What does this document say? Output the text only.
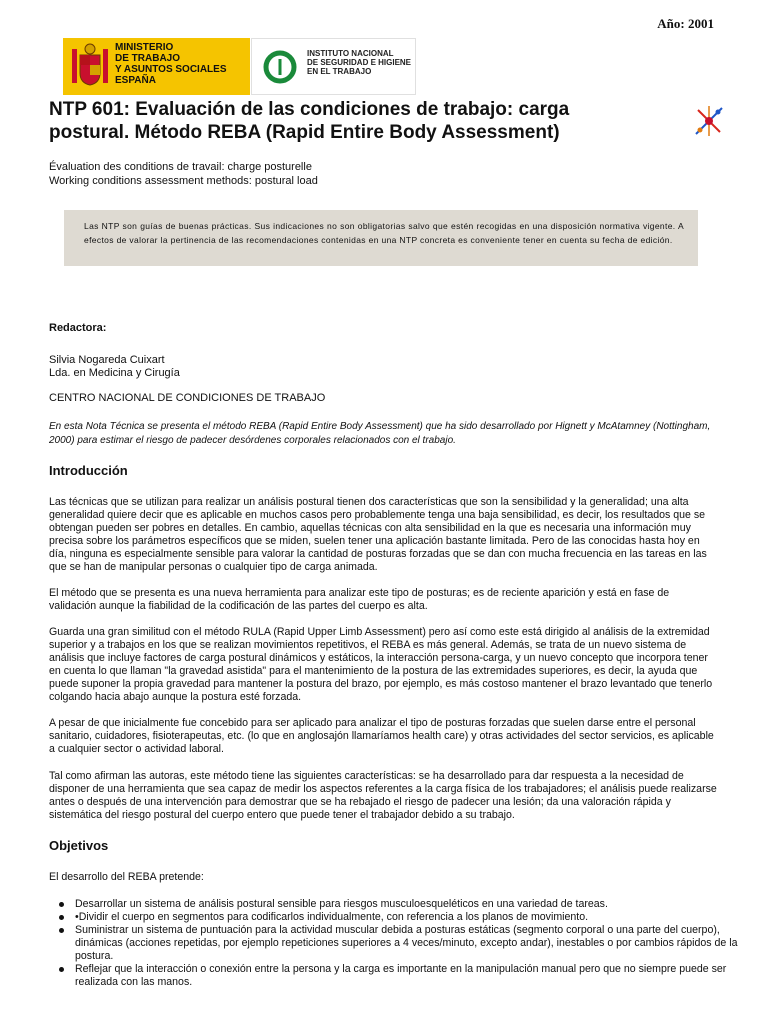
Año: 2001
MINISTERIO
DE TRABAJO
Y ASUNTOS SOCIALES
ESPAÑA
INSTITUTO NACIONAL
DE SEGURIDAD E HIGIENE
EN EL TRABAJO
NTP 601: Evaluación de las condiciones de trabajo: carga postural. Método REBA (Rapid Entire Body Assessment)
Évaluation des conditions de travail: charge posturelle
Working conditions assessment methods: postural load
Las NTP son guías de buenas prácticas. Sus indicaciones no son obligatorias salvo que estén recogidas en una disposición normativa vigente. A efectos de valorar la pertinencia de las recomendaciones contenidas en una NTP concreta es conveniente tener en cuenta su fecha de edición.
Redactora:
Silvia Nogareda Cuixart
Lda. en Medicina y Cirugía
CENTRO NACIONAL DE CONDICIONES DE TRABAJO
En esta Nota Técnica se presenta el método REBA (Rapid Entire Body Assessment) que ha sido desarrollado por Hignett y McAtamney (Nottingham, 2000) para estimar el riesgo de padecer desórdenes corporales relacionados con el trabajo.
Introducción

Las técnicas que se utilizan para realizar un análisis postural tienen dos características que son la sensibilidad y la generalidad; una alta generalidad quiere decir que es aplicable en muchos casos pero probablemente tenga una baja sensibilidad, es decir, los resultados que se obtengan pueden ser pobres en detalles. En cambio, aquellas técnicas con alta sensibilidad en la que es necesaria una información muy precisa sobre los parámetros específicos que se miden, suelen tener una aplicación bastante limitada. Pero de las conocidas hasta hoy en día, ninguna es especialmente sensible para valorar la cantidad de posturas forzadas que se dan con mucha frecuencia en las tareas en las que se han de manipular personas o cualquier tipo de carga animada.

El método que se presenta es una nueva herramienta para analizar este tipo de posturas; es de reciente aparición y está en fase de validación aunque la fiabilidad de la codificación de las partes del cuerpo es alta.

Guarda una gran similitud con el método RULA (Rapid Upper Limb Assessment) pero así como este está dirigido al análisis de la extremidad superior y a trabajos en los que se realizan movimientos repetitivos, el REBA es más general. Además, se trata de un nuevo sistema de análisis que incluye factores de carga postural dinámicos y estáticos, la interacción persona-carga, y un nuevo concepto que incorpora tener en cuenta lo que llaman "la gravedad asistida" para el mantenimiento de la postura de las extremidades superiores, es decir, la ayuda que puede suponer la propia gravedad para mantener la postura del brazo, por ejemplo, es más costoso mantener el brazo levantado que tenerlo colgando hacia abajo aunque la postura esté forzada.

A pesar de que inicialmente fue concebido para ser aplicado para analizar el tipo de posturas forzadas que suelen darse entre el personal sanitario, cuidadores, fisioterapeutas, etc. (lo que en anglosajón llamaríamos health care) y otras actividades del sector servicios, es aplicable a cualquier sector o actividad laboral.

Tal como afirman las autoras, este método tiene las siguientes características: se ha desarrollado para dar respuesta a la necesidad de disponer de una herramienta que sea capaz de medir los aspectos referentes a la carga física de los trabajadores; el análisis puede realizarse antes o después de una intervención para demostrar que se ha rebajado el riesgo de padecer una lesión; da una valoración rápida y sistemática del riesgo postural del cuerpo entero que puede tener el trabajador debido a su trabajo.

Objetivos

El desarrollo del REBA pretende:

Desarrollar un sistema de análisis postural sensible para riesgos musculoesqueléticos en una variedad de tareas.
•Dividir el cuerpo en segmentos para codificarlos individualmente, con referencia a los planos de movimiento.
Suministrar un sistema de puntuación para la actividad muscular debida a posturas estáticas (segmento corporal o una parte del cuerpo), dinámicas (acciones repetidas, por ejemplo repeticiones superiores a 4 veces/minuto, excepto andar), inestables o por cambios rápidos de la postura.
Reflejar que la interacción o conexión entre la persona y la carga es importante en la manipulación manual pero que no siempre puede ser realizada con las manos.
